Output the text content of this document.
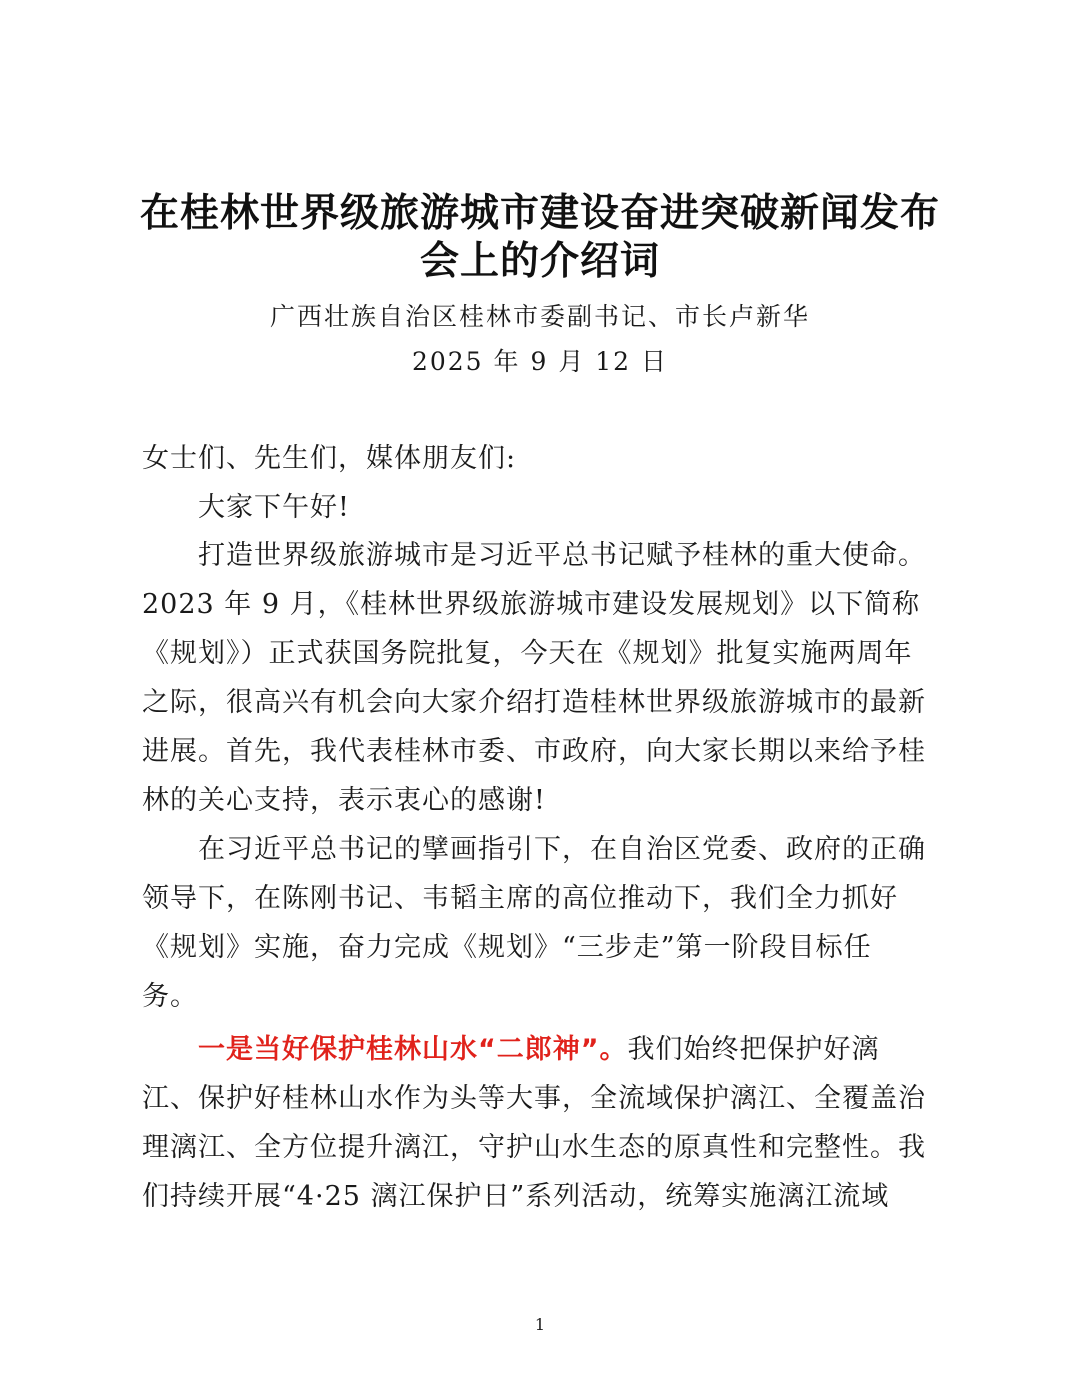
在桂林世界级旅游城市建设奋进突破新闻发布
会上的介绍词
广西壮族自治区桂林市委副书记、市长卢新华
2025 年 9 月 12 日
女士们、先生们，媒体朋友们:
大家下午好!
打造世界级旅游城市是习近平总书记赋予桂林的重大使命。
2023 年 9 月，《桂林世界级旅游城市建设发展规划》以下简称
《规划》）正式获国务院批复，今天在《规划》批复实施两周年
之际，很高兴有机会向大家介绍打造桂林世界级旅游城市的最新
进展。首先，我代表桂林市委、市政府，向大家长期以来给予桂
林的关心支持，表示衷心的感谢!
在习近平总书记的擘画指引下，在自治区党委、政府的正确
领导下，在陈刚书记、韦韬主席的高位推动下，我们全力抓好
《规划》实施，奋力完成《规划》“三步走”第一阶段目标任
务。
一是当好保护桂林山水“二郎神”。我们始终把保护好漓
江、保护好桂林山水作为头等大事，全流域保护漓江、全覆盖治
理漓江、全方位提升漓江，守护山水生态的原真性和完整性。我
们持续开展“4·25 漓江保护日”系列活动，统筹实施漓江流域
1
